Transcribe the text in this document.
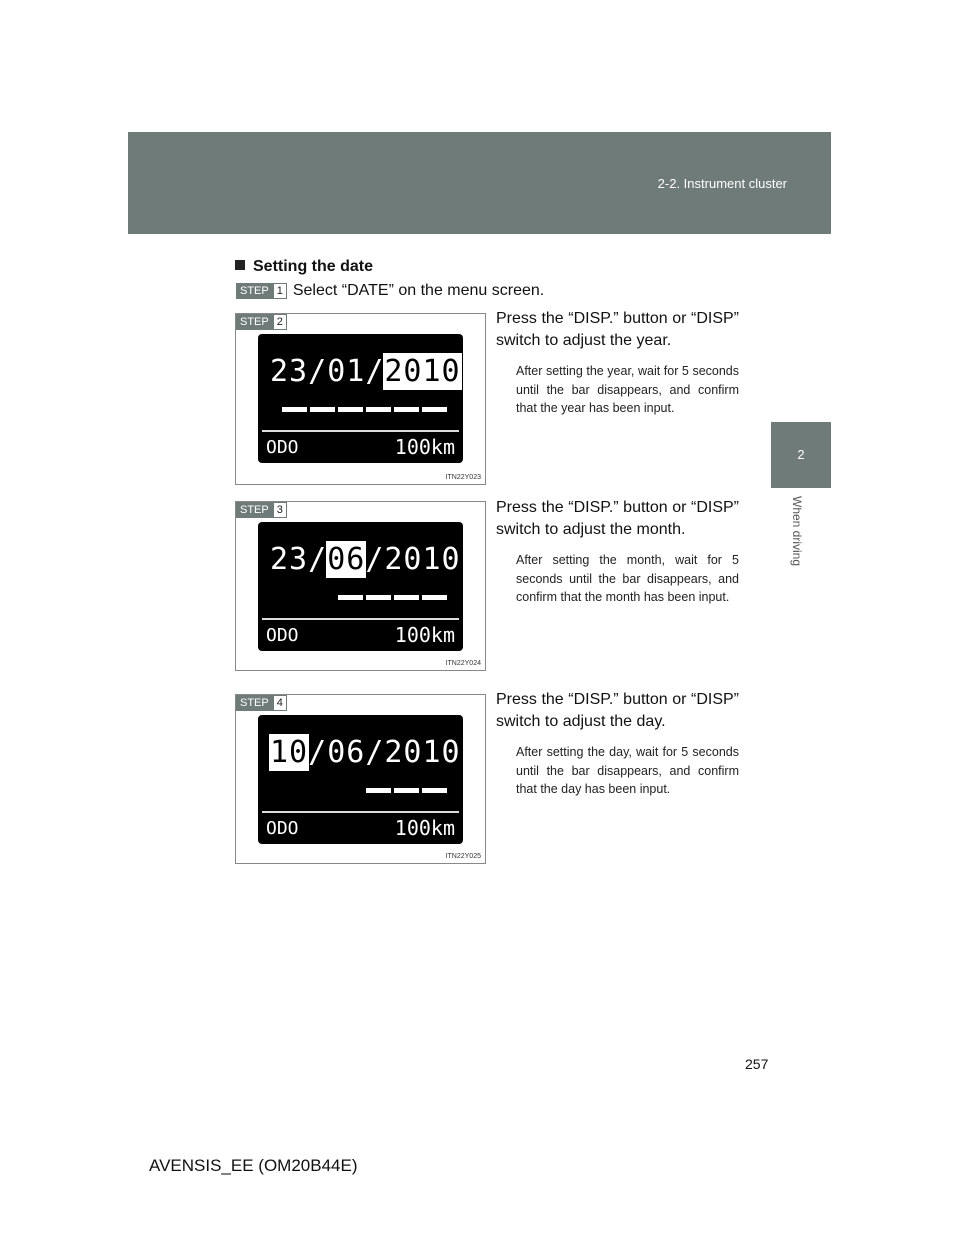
2-2. Instrument cluster
2
When driving
Setting the date
STEP 1 Select “DATE” on the menu screen.
STEP 2
23/01/2010
ODO	100km
ITN22Y023
Press the “DISP.” button or “DISP” switch to adjust the year.
After setting the year, wait for 5 seconds until the bar disappears, and confirm that the year has been input.
STEP 3
23/06/2010
ODO	100km
ITN22Y024
Press the “DISP.” button or “DISP” switch to adjust the month.
After setting the month, wait for 5 seconds until the bar disappears, and confirm that the month has been input.
STEP 4
10/06/2010
ODO	100km
ITN22Y025
Press the “DISP.” button or “DISP” switch to adjust the day.
After setting the day, wait for 5 seconds until the bar disappears, and confirm that the day has been input.
257
AVENSIS_EE (OM20B44E)
